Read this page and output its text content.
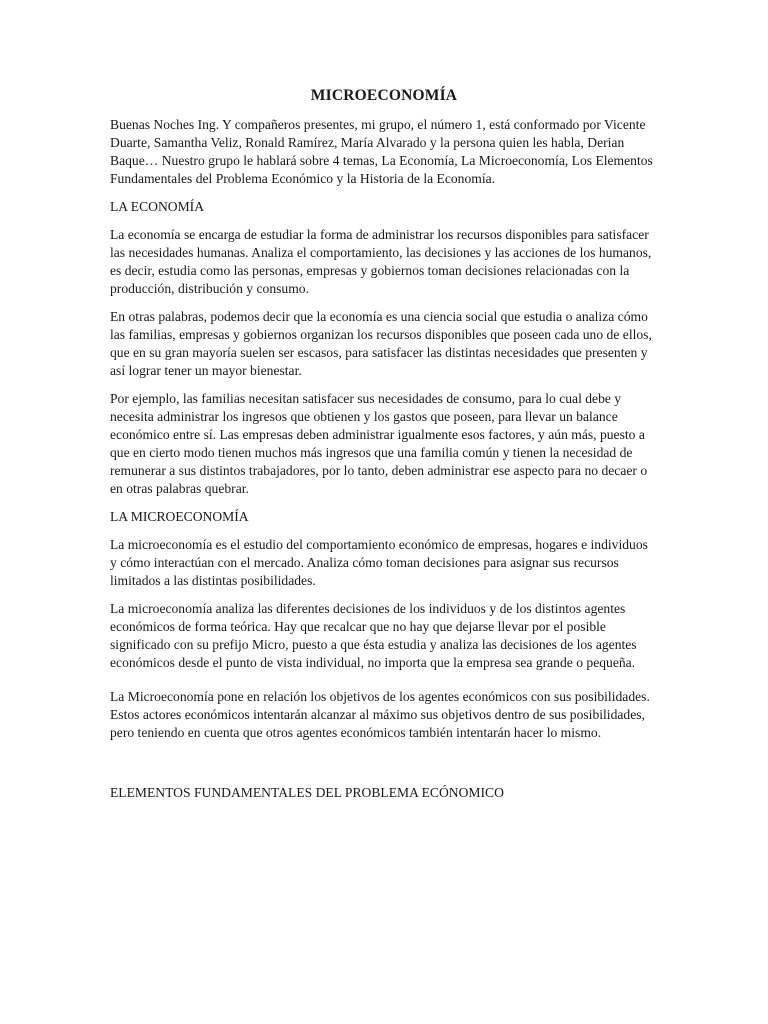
MICROECONOMÍA

Buenas Noches Ing. Y compañeros presentes, mi grupo, el número 1, está conformado por Vicente Duarte, Samantha Veliz, Ronald Ramírez, María Alvarado y la persona quien les habla, Derian Baque… Nuestro grupo le hablará sobre 4 temas, La Economía, La Microeconomía, Los Elementos Fundamentales del Problema Económico y la Historia de la Economía.

LA ECONOMÍA

La economía se encarga de estudiar la forma de administrar los recursos disponibles para satisfacer las necesidades humanas. Analiza el comportamiento, las decisiones y las acciones de los humanos, es decir, estudia como las personas, empresas y gobiernos toman decisiones relacionadas con la producción, distribución y consumo.

En otras palabras, podemos decir que la economía es una ciencia social que estudia o analiza cómo las familias, empresas y gobiernos organizan los recursos disponibles que poseen cada uno de ellos, que en su gran mayoría suelen ser escasos, para satisfacer las distintas necesidades que presenten y así lograr tener un mayor bienestar.

Por ejemplo, las familias necesitan satisfacer sus necesidades de consumo, para lo cual debe y necesita administrar los ingresos que obtienen y los gastos que poseen, para llevar un balance económico entre sí. Las empresas deben administrar igualmente esos factores, y aún más, puesto a que en cierto modo tienen muchos más ingresos que una familia común y tienen la necesidad de remunerar a sus distintos trabajadores, por lo tanto, deben administrar ese aspecto para no decaer o en otras palabras quebrar.

LA MICROECONOMÍA

La microeconomía es el estudio del comportamiento económico de empresas, hogares e individuos y cómo interactúan con el mercado. Analiza cómo toman decisiones para asignar sus recursos limitados a las distintas posibilidades.

La microeconomía analiza las diferentes decisiones de los individuos y de los distintos agentes económicos de forma teórica. Hay que recalcar que no hay que dejarse llevar por el posible significado con su prefijo Micro, puesto a que ésta estudia y analiza las decisiones de los agentes económicos desde el punto de vista individual, no importa que la empresa sea grande o pequeña.

La Microeconomía pone en relación los objetivos de los agentes económicos con sus posibilidades. Estos actores económicos intentarán alcanzar al máximo sus objetivos dentro de sus posibilidades, pero teniendo en cuenta que otros agentes económicos también intentarán hacer lo mismo.

ELEMENTOS FUNDAMENTALES DEL PROBLEMA ECÓNOMICO
